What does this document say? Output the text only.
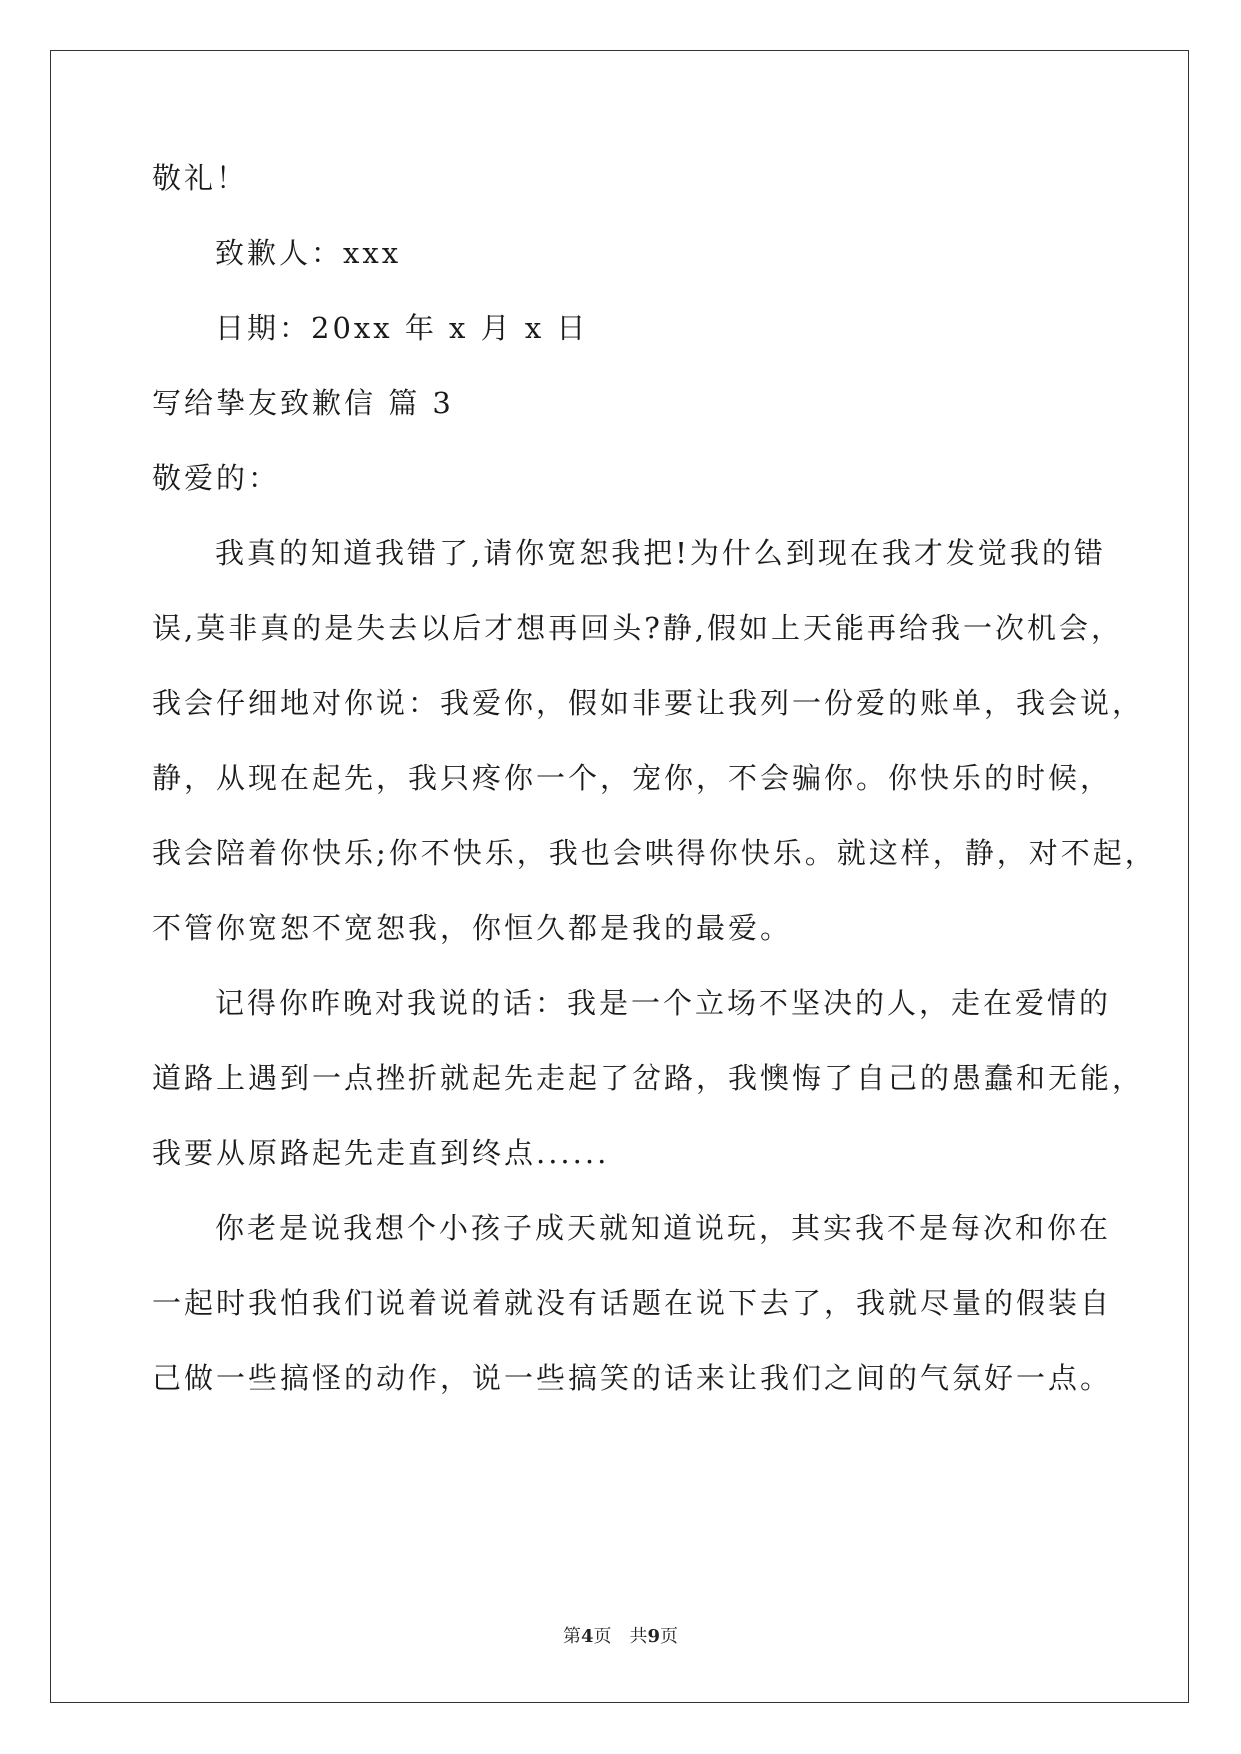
敬礼！
致歉人：xxx
日期：20xx 年 x 月 x 日
写给挚友致歉信 篇 3
敬爱的：
我真的知道我错了,请你宽恕我把!为什么到现在我才发觉我的错
误,莫非真的是失去以后才想再回头?静,假如上天能再给我一次机会，
我会仔细地对你说：我爱你，假如非要让我列一份爱的账单，我会说，
静，从现在起先，我只疼你一个，宠你，不会骗你。你快乐的时候，
我会陪着你快乐;你不快乐，我也会哄得你快乐。就这样，静，对不起，
不管你宽恕不宽恕我，你恒久都是我的最爱。
记得你昨晚对我说的话：我是一个立场不坚决的人，走在爱情的
道路上遇到一点挫折就起先走起了岔路，我懊悔了自己的愚蠢和无能，
我要从原路起先走直到终点......
你老是说我想个小孩子成天就知道说玩，其实我不是每次和你在
一起时我怕我们说着说着就没有话题在说下去了，我就尽量的假装自
己做一些搞怪的动作，说一些搞笑的话来让我们之间的气氛好一点。
第4页 共9页
